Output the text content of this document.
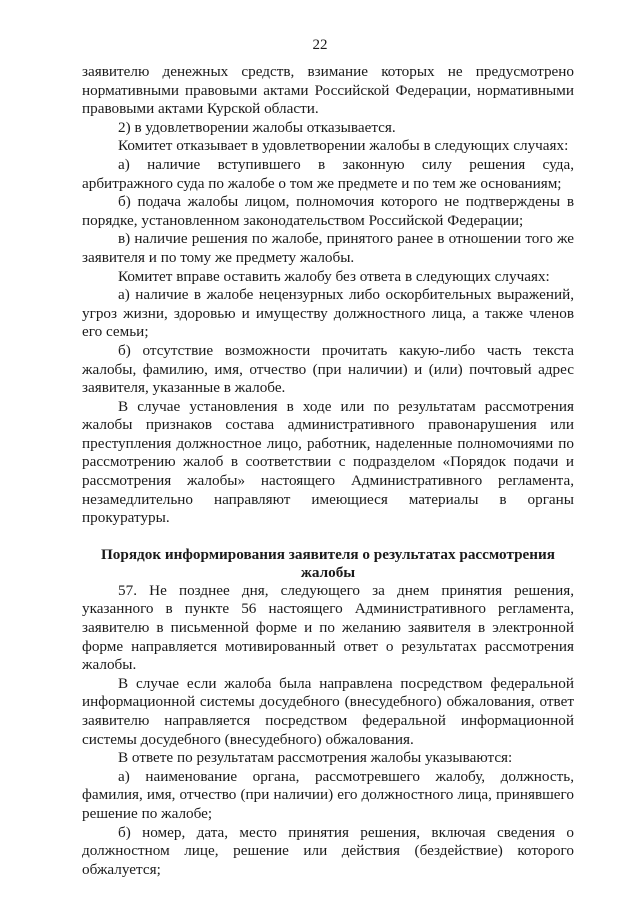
22

заявителю денежных средств, взимание которых не предусмотрено нормативными правовыми актами Российской Федерации, нормативными правовыми актами Курской области.

2) в удовлетворении жалобы отказывается.

Комитет отказывает в удовлетворении жалобы в следующих случаях:

а) наличие вступившего в законную силу решения суда, арбитражного суда по жалобе о том же предмете и по тем же основаниям;

б) подача жалобы лицом, полномочия которого не подтверждены в порядке, установленном законодательством Российской Федерации;

в) наличие решения по жалобе, принятого ранее в отношении того же заявителя и по тому же предмету жалобы.

Комитет вправе оставить жалобу без ответа в следующих случаях:

а) наличие в жалобе нецензурных либо оскорбительных выражений, угроз жизни, здоровью и имуществу должностного лица, а также членов его семьи;

б) отсутствие возможности прочитать какую-либо часть текста жалобы, фамилию, имя, отчество (при наличии) и (или) почтовый адрес заявителя, указанные в жалобе.

В случае установления в ходе или по результатам рассмотрения жалобы признаков состава административного правонарушения или преступления должностное лицо, работник, наделенные полномочиями по рассмотрению жалоб в соответствии с подразделом «Порядок подачи и рассмотрения жалобы» настоящего Административного регламента, незамедлительно направляют имеющиеся материалы в органы прокуратуры.

Порядок информирования заявителя о результатах рассмотрения жалобы

57. Не позднее дня, следующего за днем принятия решения, указанного в пункте 56 настоящего Административного регламента, заявителю в письменной форме и по желанию заявителя в электронной форме направляется мотивированный ответ о результатах рассмотрения жалобы.

В случае если жалоба была направлена посредством федеральной информационной системы досудебного (внесудебного) обжалования, ответ заявителю направляется посредством федеральной информационной системы досудебного (внесудебного) обжалования.

В ответе по результатам рассмотрения жалобы указываются:

а) наименование органа, рассмотревшего жалобу, должность, фамилия, имя, отчество (при наличии) его должностного лица, принявшего решение по жалобе;

б) номер, дата, место принятия решения, включая сведения о должностном лице, решение или действия (бездействие) которого обжалуется;
